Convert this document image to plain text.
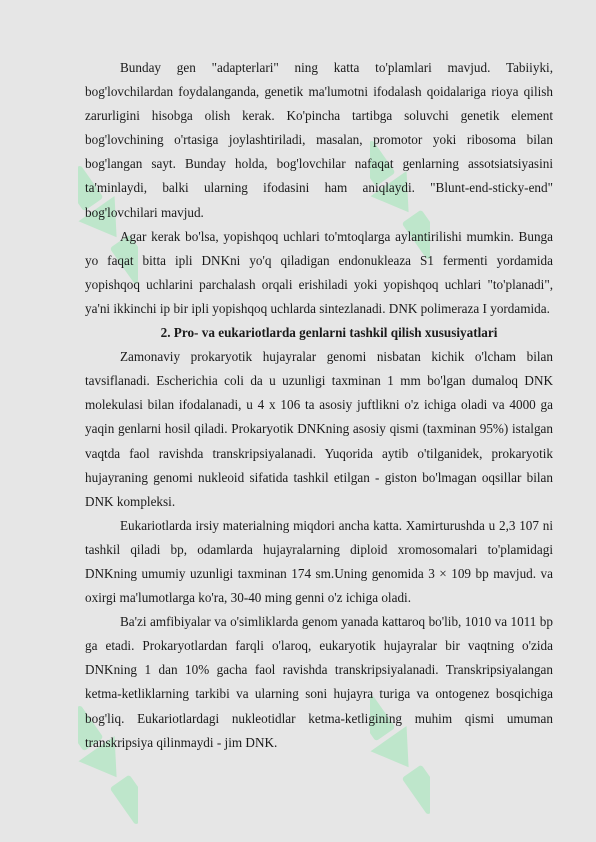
Bunday gen "adapterlari" ning katta to'plamlari mavjud. Tabiiyki, bog'lovchilardan foydalanganda, genetik ma'lumotni ifodalash qoidalariga rioya qilish zarurligini hisobga olish kerak. Ko'pincha tartibga soluvchi genetik element bog'lovchining o'rtasiga joylashtiriladi, masalan, promotor yoki ribosoma bilan bog'langan sayt. Bunday holda, bog'lovchilar nafaqat genlarning assotsiatsiyasini ta'minlaydi, balki ularning ifodasini ham aniqlaydi. "Blunt-end-sticky-end" bog'lovchilari mavjud.

Agar kerak bo'lsa, yopishqoq uchlari to'mtoqlarga aylantirilishi mumkin. Bunga yo faqat bitta ipli DNKni yo'q qiladigan endonukleaza S1 fermenti yordamida yopishqoq uchlarini parchalash orqali erishiladi yoki yopishqoq uchlari "to'planadi", ya'ni ikkinchi ip bir ipli yopishqoq uchlarda sintezlanadi. DNK polimeraza I yordamida.

2. Pro- va eukariotlarda genlarni tashkil qilish xususiyatlari

Zamonaviy prokaryotik hujayralar genomi nisbatan kichik o'lcham bilan tavsiflanadi. Escherichia coli da u uzunligi taxminan 1 mm bo'lgan dumaloq DNK molekulasi bilan ifodalanadi, u 4 x 106 ta asosiy juftlikni o'z ichiga oladi va 4000 ga yaqin genlarni hosil qiladi. Prokaryotik DNKning asosiy qismi (taxminan 95%) istalgan vaqtda faol ravishda transkripsiyalanadi. Yuqorida aytib o'tilganidek, prokaryotik hujayraning genomi nukleoid sifatida tashkil etilgan - giston bo'lmagan oqsillar bilan DNK kompleksi.

Eukariotlarda irsiy materialning miqdori ancha katta. Xamirturushda u 2,3 107 ni tashkil qiladi bp, odamlarda hujayralarning diploid xromosomalari to'plamidagi DNKning umumiy uzunligi taxminan 174 sm.Uning genomida 3 × 109 bp mavjud. va oxirgi ma'lumotlarga ko'ra, 30-40 ming genni o'z ichiga oladi.

Ba'zi amfibiyalar va o'simliklarda genom yanada kattaroq bo'lib, 1010 va 1011 bp ga etadi. Prokaryotlardan farqli o'laroq, eukaryotik hujayralar bir vaqtning o'zida DNKning 1 dan 10% gacha faol ravishda transkripsiyalanadi. Transkripsiyalangan ketma-ketliklarning tarkibi va ularning soni hujayra turiga va ontogenez bosqichiga bog'liq. Eukariotlardagi nukleotidlar ketma-ketligining muhim qismi umuman transkripsiya qilinmaydi - jim DNK.
